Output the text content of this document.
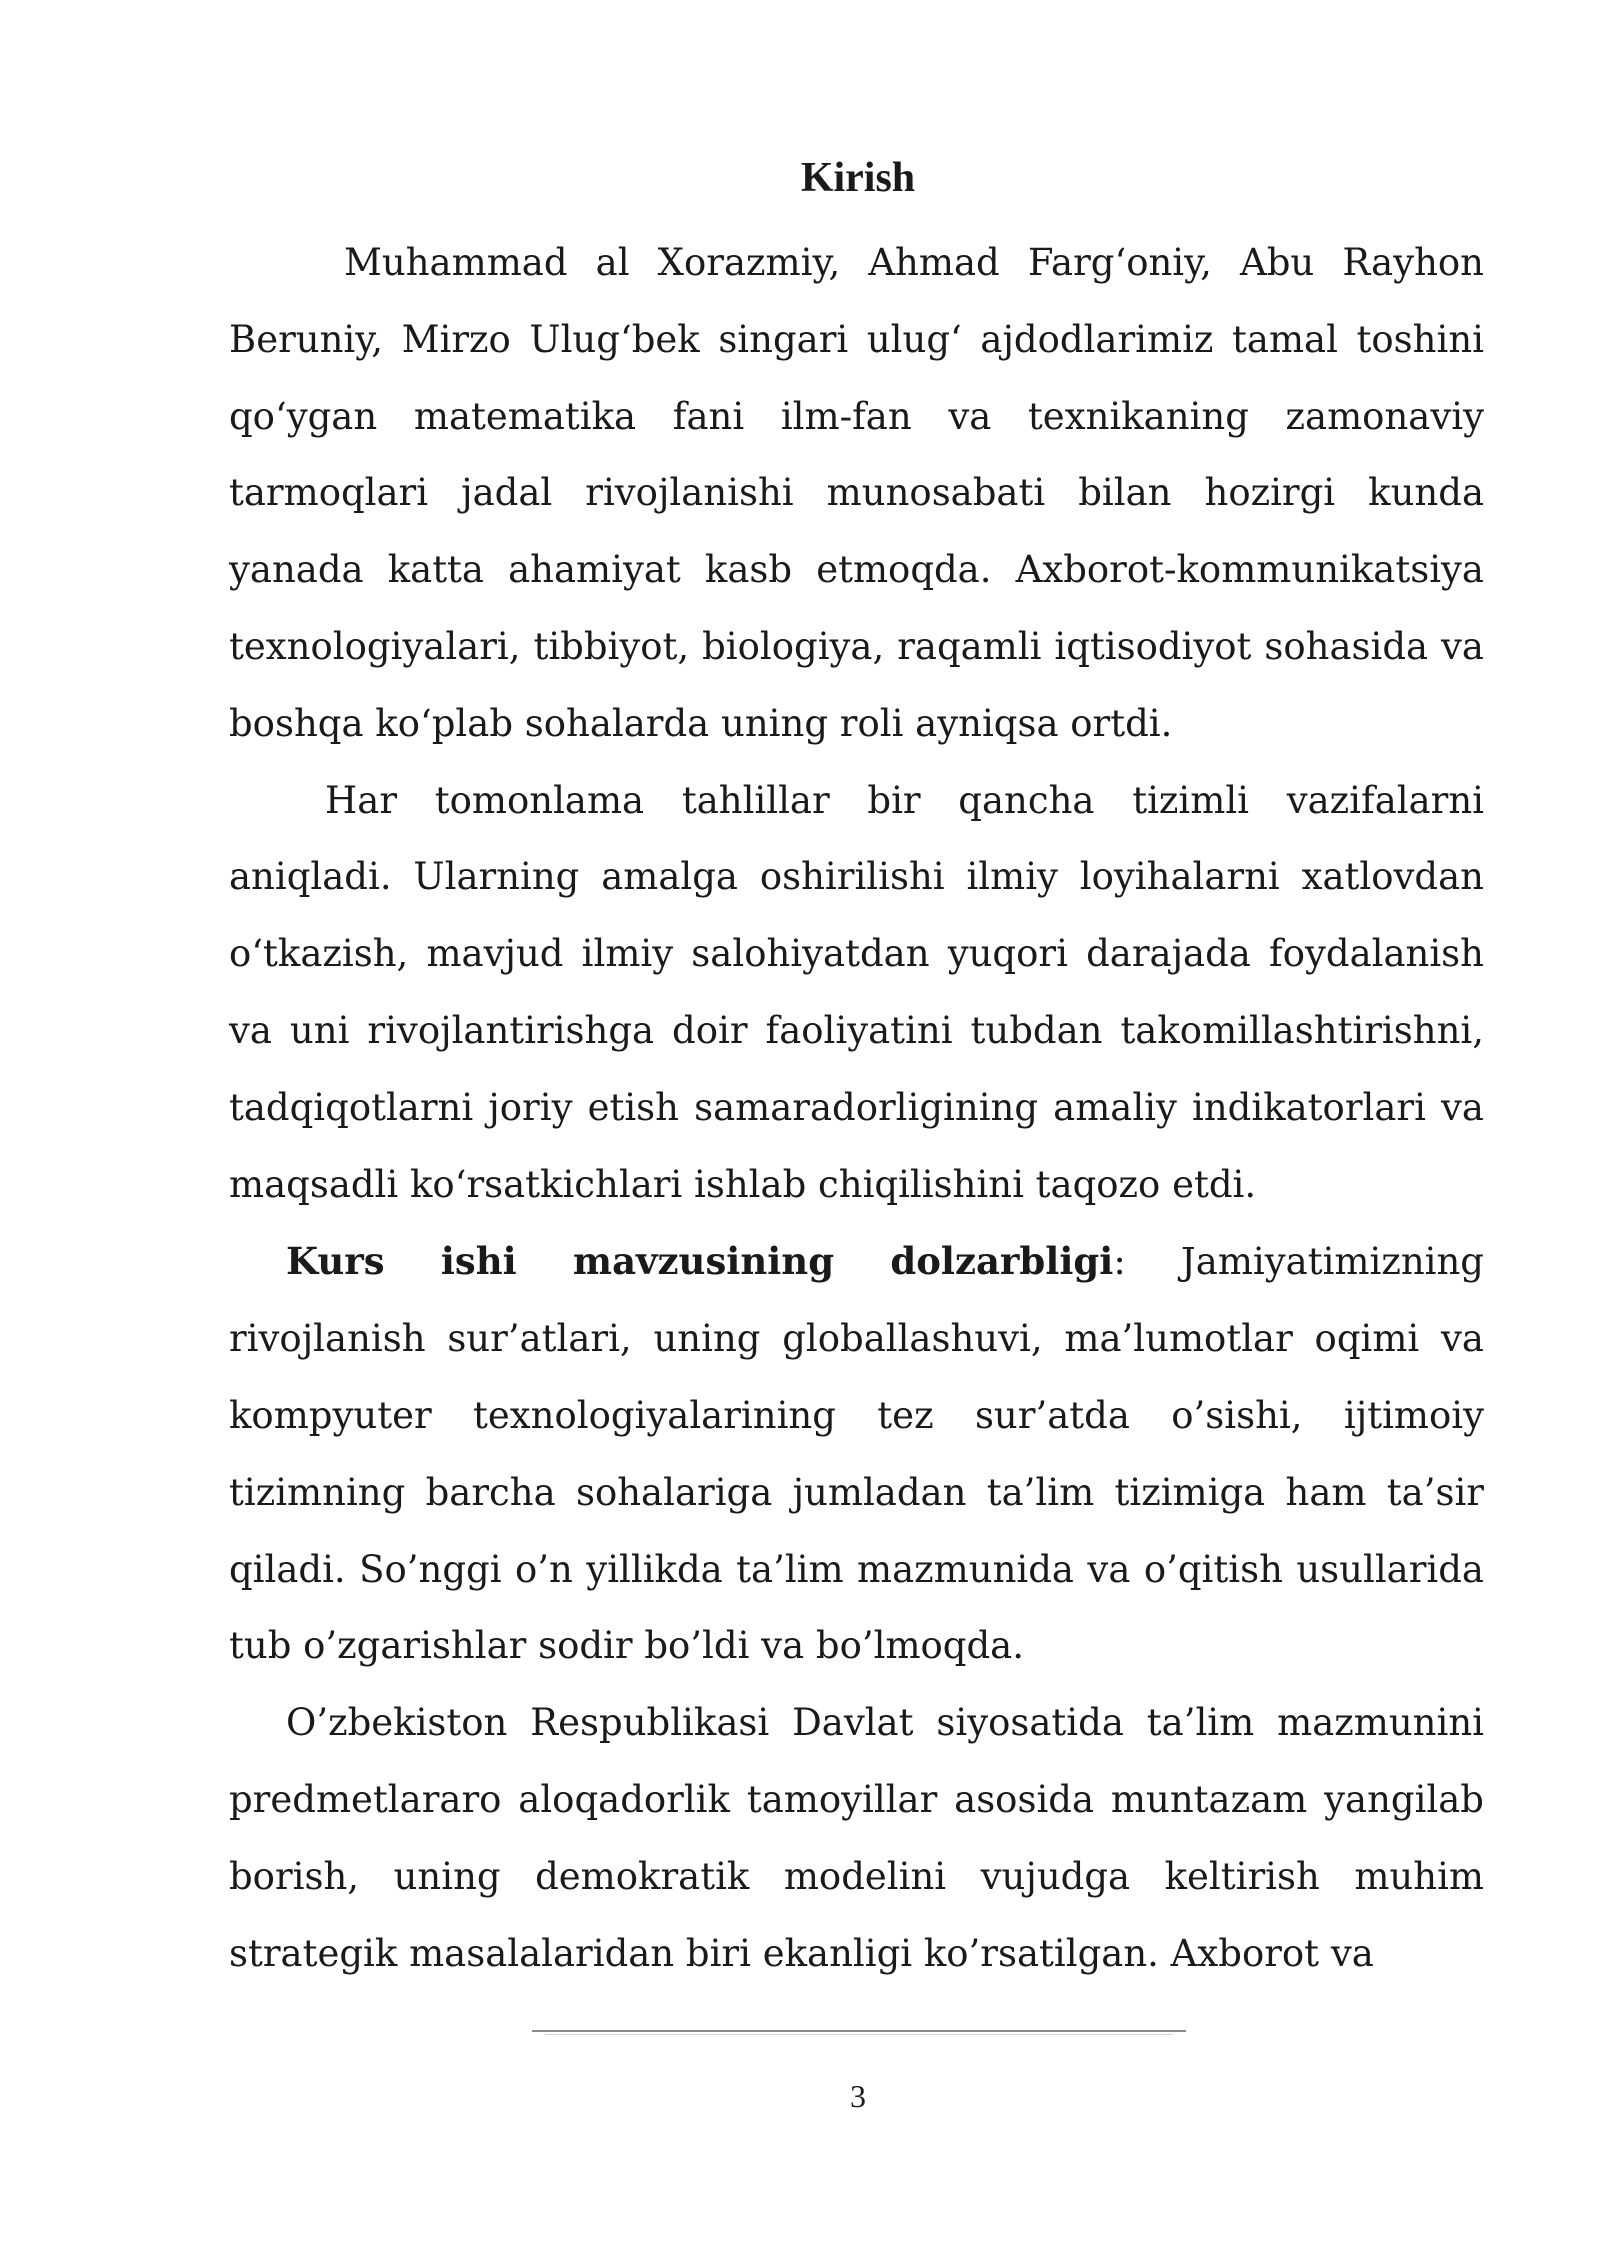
Kirish

Muhammad al Xorazmiy, Ahmad Farg‘oniy, Abu Rayhon Beruniy, Mirzo Ulug‘bek singari ulug‘ ajdodlarimiz tamal toshini qo‘ygan matematika fani ilm-fan va texnikaning zamonaviy tarmoqlari jadal rivojlanishi munosabati bilan hozirgi kunda yanada katta ahamiyat kasb etmoqda. Axborot-kommunikatsiya texnologiyalari, tibbiyot, biologiya, raqamli iqtisodiyot sohasida va boshqa ko‘plab sohalarda uning roli ayniqsa ortdi.

Har tomonlama tahlillar bir qancha tizimli vazifalarni aniqladi. Ularning amalga oshirilishi ilmiy loyihalarni xatlovdan o‘tkazish, mavjud ilmiy salohiyatdan yuqori darajada foydalanish va uni rivojlantirishga doir faoliyatini tubdan takomillashtirishni, tadqiqotlarni joriy etish samaradorligining amaliy indikatorlari va maqsadli ko‘rsatkichlari ishlab chiqilishini taqozo etdi.

Kurs ishi mavzusining dolzarbligi: Jamiyatimizning rivojlanish sur’atlari, uning globallashuvi, ma’lumotlar oqimi va kompyuter texnologiyalarining tez sur’atda o’sishi, ijtimoiy tizimning barcha sohalariga jumladan ta’lim tizimiga ham ta’sir qiladi. So’nggi o’n yillikda ta’lim mazmunida va o’qitish usullarida tub o’zgarishlar sodir bo’ldi va bo’lmoqda.

O’zbekiston Respublikasi Davlat siyosatida ta’lim mazmunini predmetlararo aloqadorlik tamoyillar asosida muntazam yangilab borish, uning demokratik modelini vujudga keltirish muhim strategik masalalaridan biri ekanligi ko’rsatilgan. Axborot va

3
